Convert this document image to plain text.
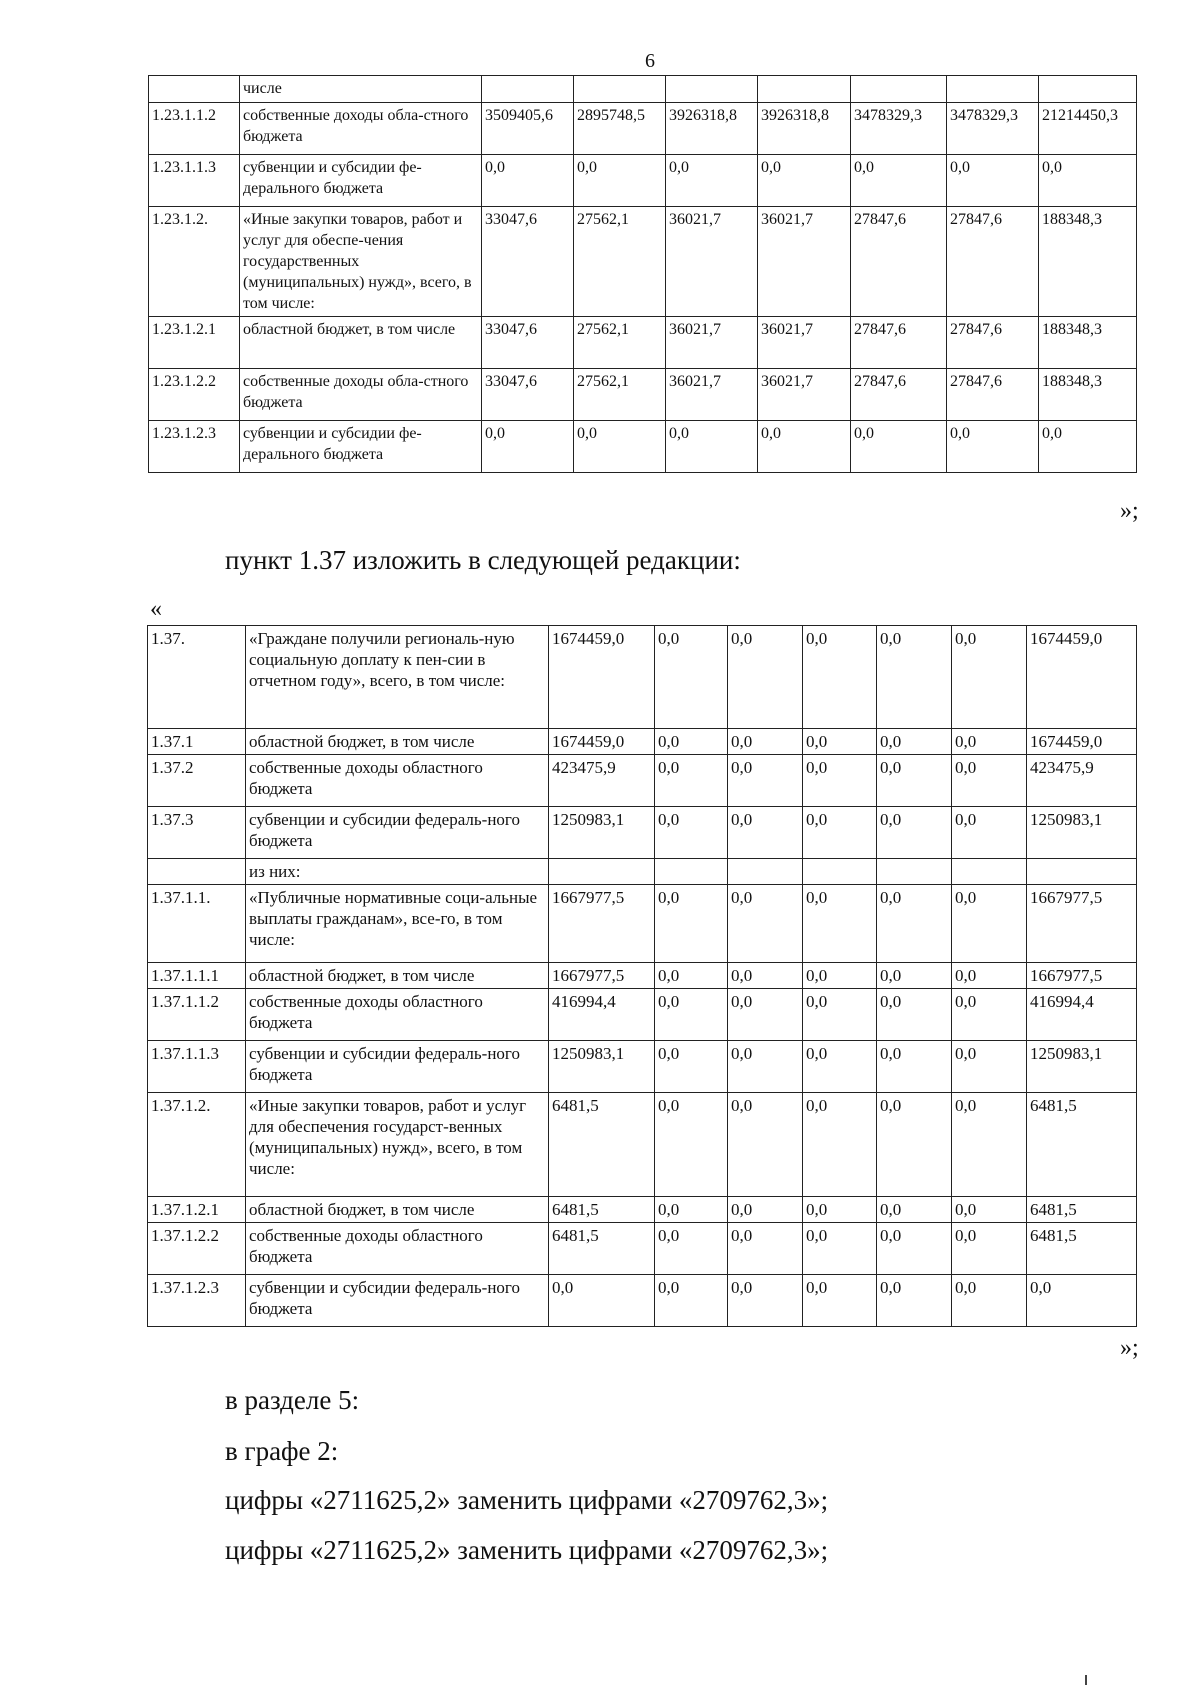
6
	числе							
1.23.1.1.2	собственные доходы обла-стного бюджета	3509405,6	2895748,5	3926318,8	3926318,8	3478329,3	3478329,3	21214450,3
1.23.1.1.3	субвенции и субсидии фе-дерального бюджета	0,0	0,0	0,0	0,0	0,0	0,0	0,0
1.23.1.2.	«Иные закупки товаров, работ и услуг для обеспе-чения государственных (муниципальных) нужд», всего, в том числе:	33047,6	27562,1	36021,7	36021,7	27847,6	27847,6	188348,3
1.23.1.2.1	областной бюджет, в том числе	33047,6	27562,1	36021,7	36021,7	27847,6	27847,6	188348,3
1.23.1.2.2	собственные доходы обла-стного бюджета	33047,6	27562,1	36021,7	36021,7	27847,6	27847,6	188348,3
1.23.1.2.3	субвенции и субсидии фе-дерального бюджета	0,0	0,0	0,0	0,0	0,0	0,0	0,0
»;
пункт 1.37 изложить в следующей редакции:
«
1.37.	«Граждане получили региональ-ную социальную доплату к пен-сии в отчетном году», всего, в том числе:	1674459,0	0,0	0,0	0,0	0,0	0,0	1674459,0
1.37.1	областной бюджет, в том числе	1674459,0	0,0	0,0	0,0	0,0	0,0	1674459,0
1.37.2	собственные доходы областного бюджета	423475,9	0,0	0,0	0,0	0,0	0,0	423475,9
1.37.3	субвенции и субсидии федераль-ного бюджета	1250983,1	0,0	0,0	0,0	0,0	0,0	1250983,1
	из них:							
1.37.1.1.	«Публичные нормативные соци-альные выплаты гражданам», все-го, в том числе:	1667977,5	0,0	0,0	0,0	0,0	0,0	1667977,5
1.37.1.1.1	областной бюджет, в том числе	1667977,5	0,0	0,0	0,0	0,0	0,0	1667977,5
1.37.1.1.2	собственные доходы областного бюджета	416994,4	0,0	0,0	0,0	0,0	0,0	416994,4
1.37.1.1.3	субвенции и субсидии федераль-ного бюджета	1250983,1	0,0	0,0	0,0	0,0	0,0	1250983,1
1.37.1.2.	«Иные закупки товаров, работ и услуг для обеспечения государст-венных (муниципальных) нужд», всего, в том числе:	6481,5	0,0	0,0	0,0	0,0	0,0	6481,5
1.37.1.2.1	областной бюджет, в том числе	6481,5	0,0	0,0	0,0	0,0	0,0	6481,5
1.37.1.2.2	собственные доходы областного бюджета	6481,5	0,0	0,0	0,0	0,0	0,0	6481,5
1.37.1.2.3	субвенции и субсидии федераль-ного бюджета	0,0	0,0	0,0	0,0	0,0	0,0	0,0
»;
в разделе 5:
в графе 2:
цифры «2711625,2» заменить цифрами «2709762,3»;
цифры «2711625,2» заменить цифрами «2709762,3»;
